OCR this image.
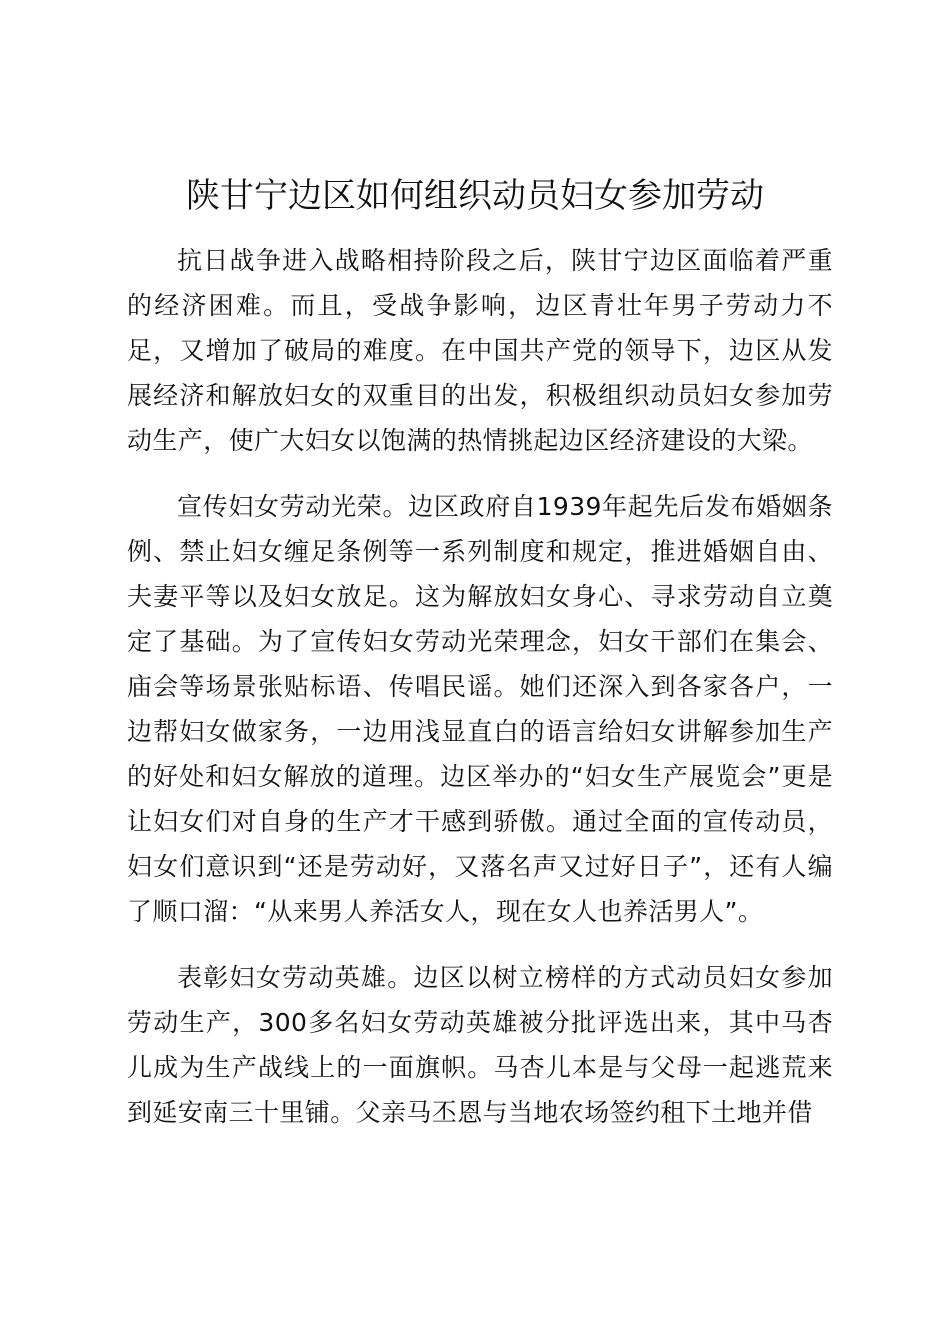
陕甘宁边区如何组织动员妇女参加劳动

抗日战争进入战略相持阶段之后，陕甘宁边区面临着严重的经济困难。而且，受战争影响，边区青壮年男子劳动力不足，又增加了破局的难度。在中国共产党的领导下，边区从发展经济和解放妇女的双重目的出发，积极组织动员妇女参加劳动生产，使广大妇女以饱满的热情挑起边区经济建设的大梁。

宣传妇女劳动光荣。边区政府自1939年起先后发布婚姻条例、禁止妇女缠足条例等一系列制度和规定，推进婚姻自由、夫妻平等以及妇女放足。这为解放妇女身心、寻求劳动自立奠定了基础。为了宣传妇女劳动光荣理念，妇女干部们在集会、庙会等场景张贴标语、传唱民谣。她们还深入到各家各户，一边帮妇女做家务，一边用浅显直白的语言给妇女讲解参加生产的好处和妇女解放的道理。边区举办的“妇女生产展览会”更是让妇女们对自身的生产才干感到骄傲。通过全面的宣传动员，妇女们意识到“还是劳动好，又落名声又过好日子”，还有人编了顺口溜：“从来男人养活女人，现在女人也养活男人”。

表彰妇女劳动英雄。边区以树立榜样的方式动员妇女参加劳动生产，300多名妇女劳动英雄被分批评选出来，其中马杏儿成为生产战线上的一面旗帜。马杏儿本是与父母一起逃荒来到延安南三十里铺。父亲马丕恩与当地农场签约租下土地并借
